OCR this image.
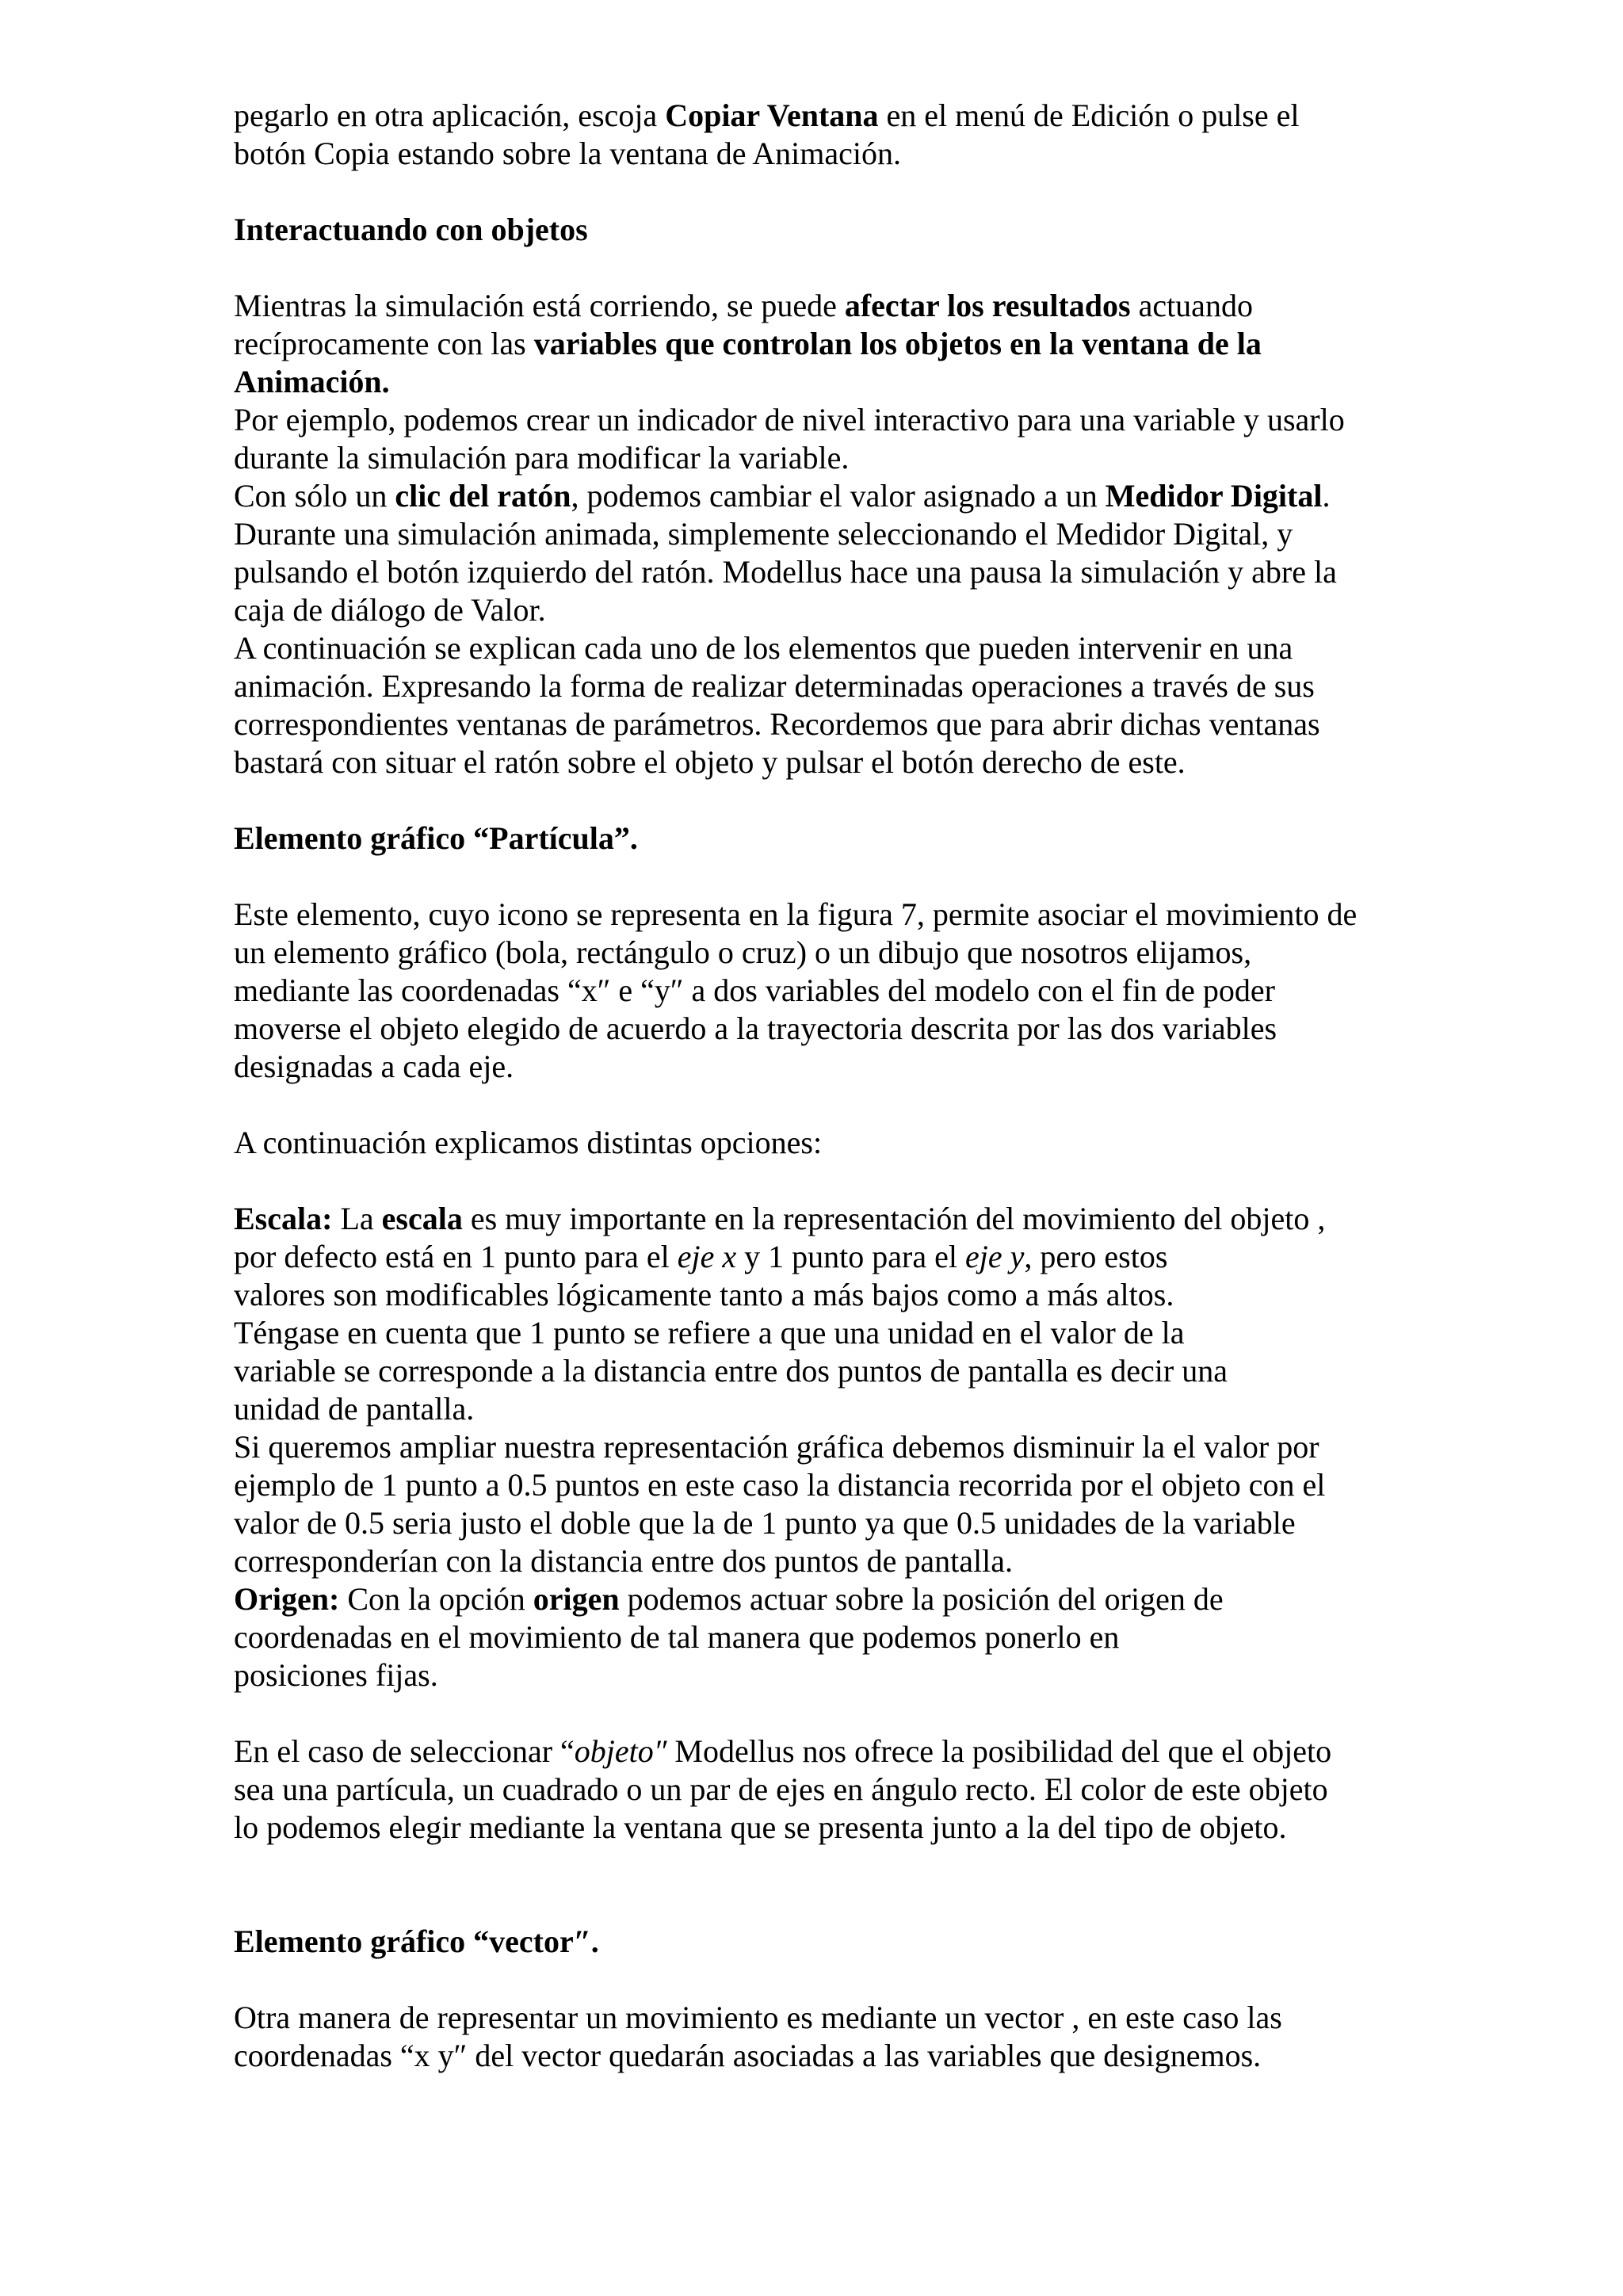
pegarlo en otra aplicación, escoja Copiar Ventana en el menú de Edición o pulse el
botón Copia estando sobre la ventana de Animación.
Interactuando con objetos
Mientras la simulación está corriendo, se puede afectar los resultados actuando
recíprocamente con las variables que controlan los objetos en la ventana de la
Animación.
Por ejemplo, podemos crear un indicador de nivel interactivo para una variable y usarlo
durante la simulación para modificar la variable.
Con sólo un clic del ratón, podemos cambiar el valor asignado a un Medidor Digital.
Durante una simulación animada, simplemente seleccionando el Medidor Digital, y
pulsando el botón izquierdo del ratón. Modellus hace una pausa la simulación y abre la
caja de diálogo de Valor.
A continuación se explican cada uno de los elementos que pueden intervenir en una
animación. Expresando la forma de realizar determinadas operaciones a través de sus
correspondientes ventanas de parámetros. Recordemos que para abrir dichas ventanas
bastará con situar el ratón sobre el objeto y pulsar el botón derecho de este.
Elemento gráfico “Partícula”.
Este elemento, cuyo icono se representa en la figura 7, permite asociar el movimiento de
un elemento gráfico (bola, rectángulo o cruz) o un dibujo que nosotros elijamos,
mediante las coordenadas “x″ e “y″ a dos variables del modelo con el fin de poder
moverse el objeto elegido de acuerdo a la trayectoria descrita por las dos variables
designadas a cada eje.
A continuación explicamos distintas opciones:
Escala: La escala es muy importante en la representación del movimiento del objeto ,
por defecto está en 1 punto para el eje x y 1 punto para el eje y, pero estos
valores son modificables lógicamente tanto a más bajos como a más altos.
Téngase en cuenta que 1 punto se refiere a que una unidad en el valor de la
variable se corresponde a la distancia entre dos puntos de pantalla es decir una
unidad de pantalla.
Si queremos ampliar nuestra representación gráfica debemos disminuir la el valor por
ejemplo de 1 punto a 0.5 puntos en este caso la distancia recorrida por el objeto con el
valor de 0.5 seria justo el doble que la de 1 punto ya que 0.5 unidades de la variable
corresponderían con la distancia entre dos puntos de pantalla.
Origen: Con la opción origen podemos actuar sobre la posición del origen de
coordenadas en el movimiento de tal manera que podemos ponerlo en
posiciones fijas.
En el caso de seleccionar “objeto″ Modellus nos ofrece la posibilidad del que el objeto
sea una partícula, un cuadrado o un par de ejes en ángulo recto. El color de este objeto
lo podemos elegir mediante la ventana que se presenta junto a la del tipo de objeto.
Elemento gráfico “vector″.
Otra manera de representar un movimiento es mediante un vector , en este caso las
coordenadas “x y″ del vector quedarán asociadas a las variables que designemos.
